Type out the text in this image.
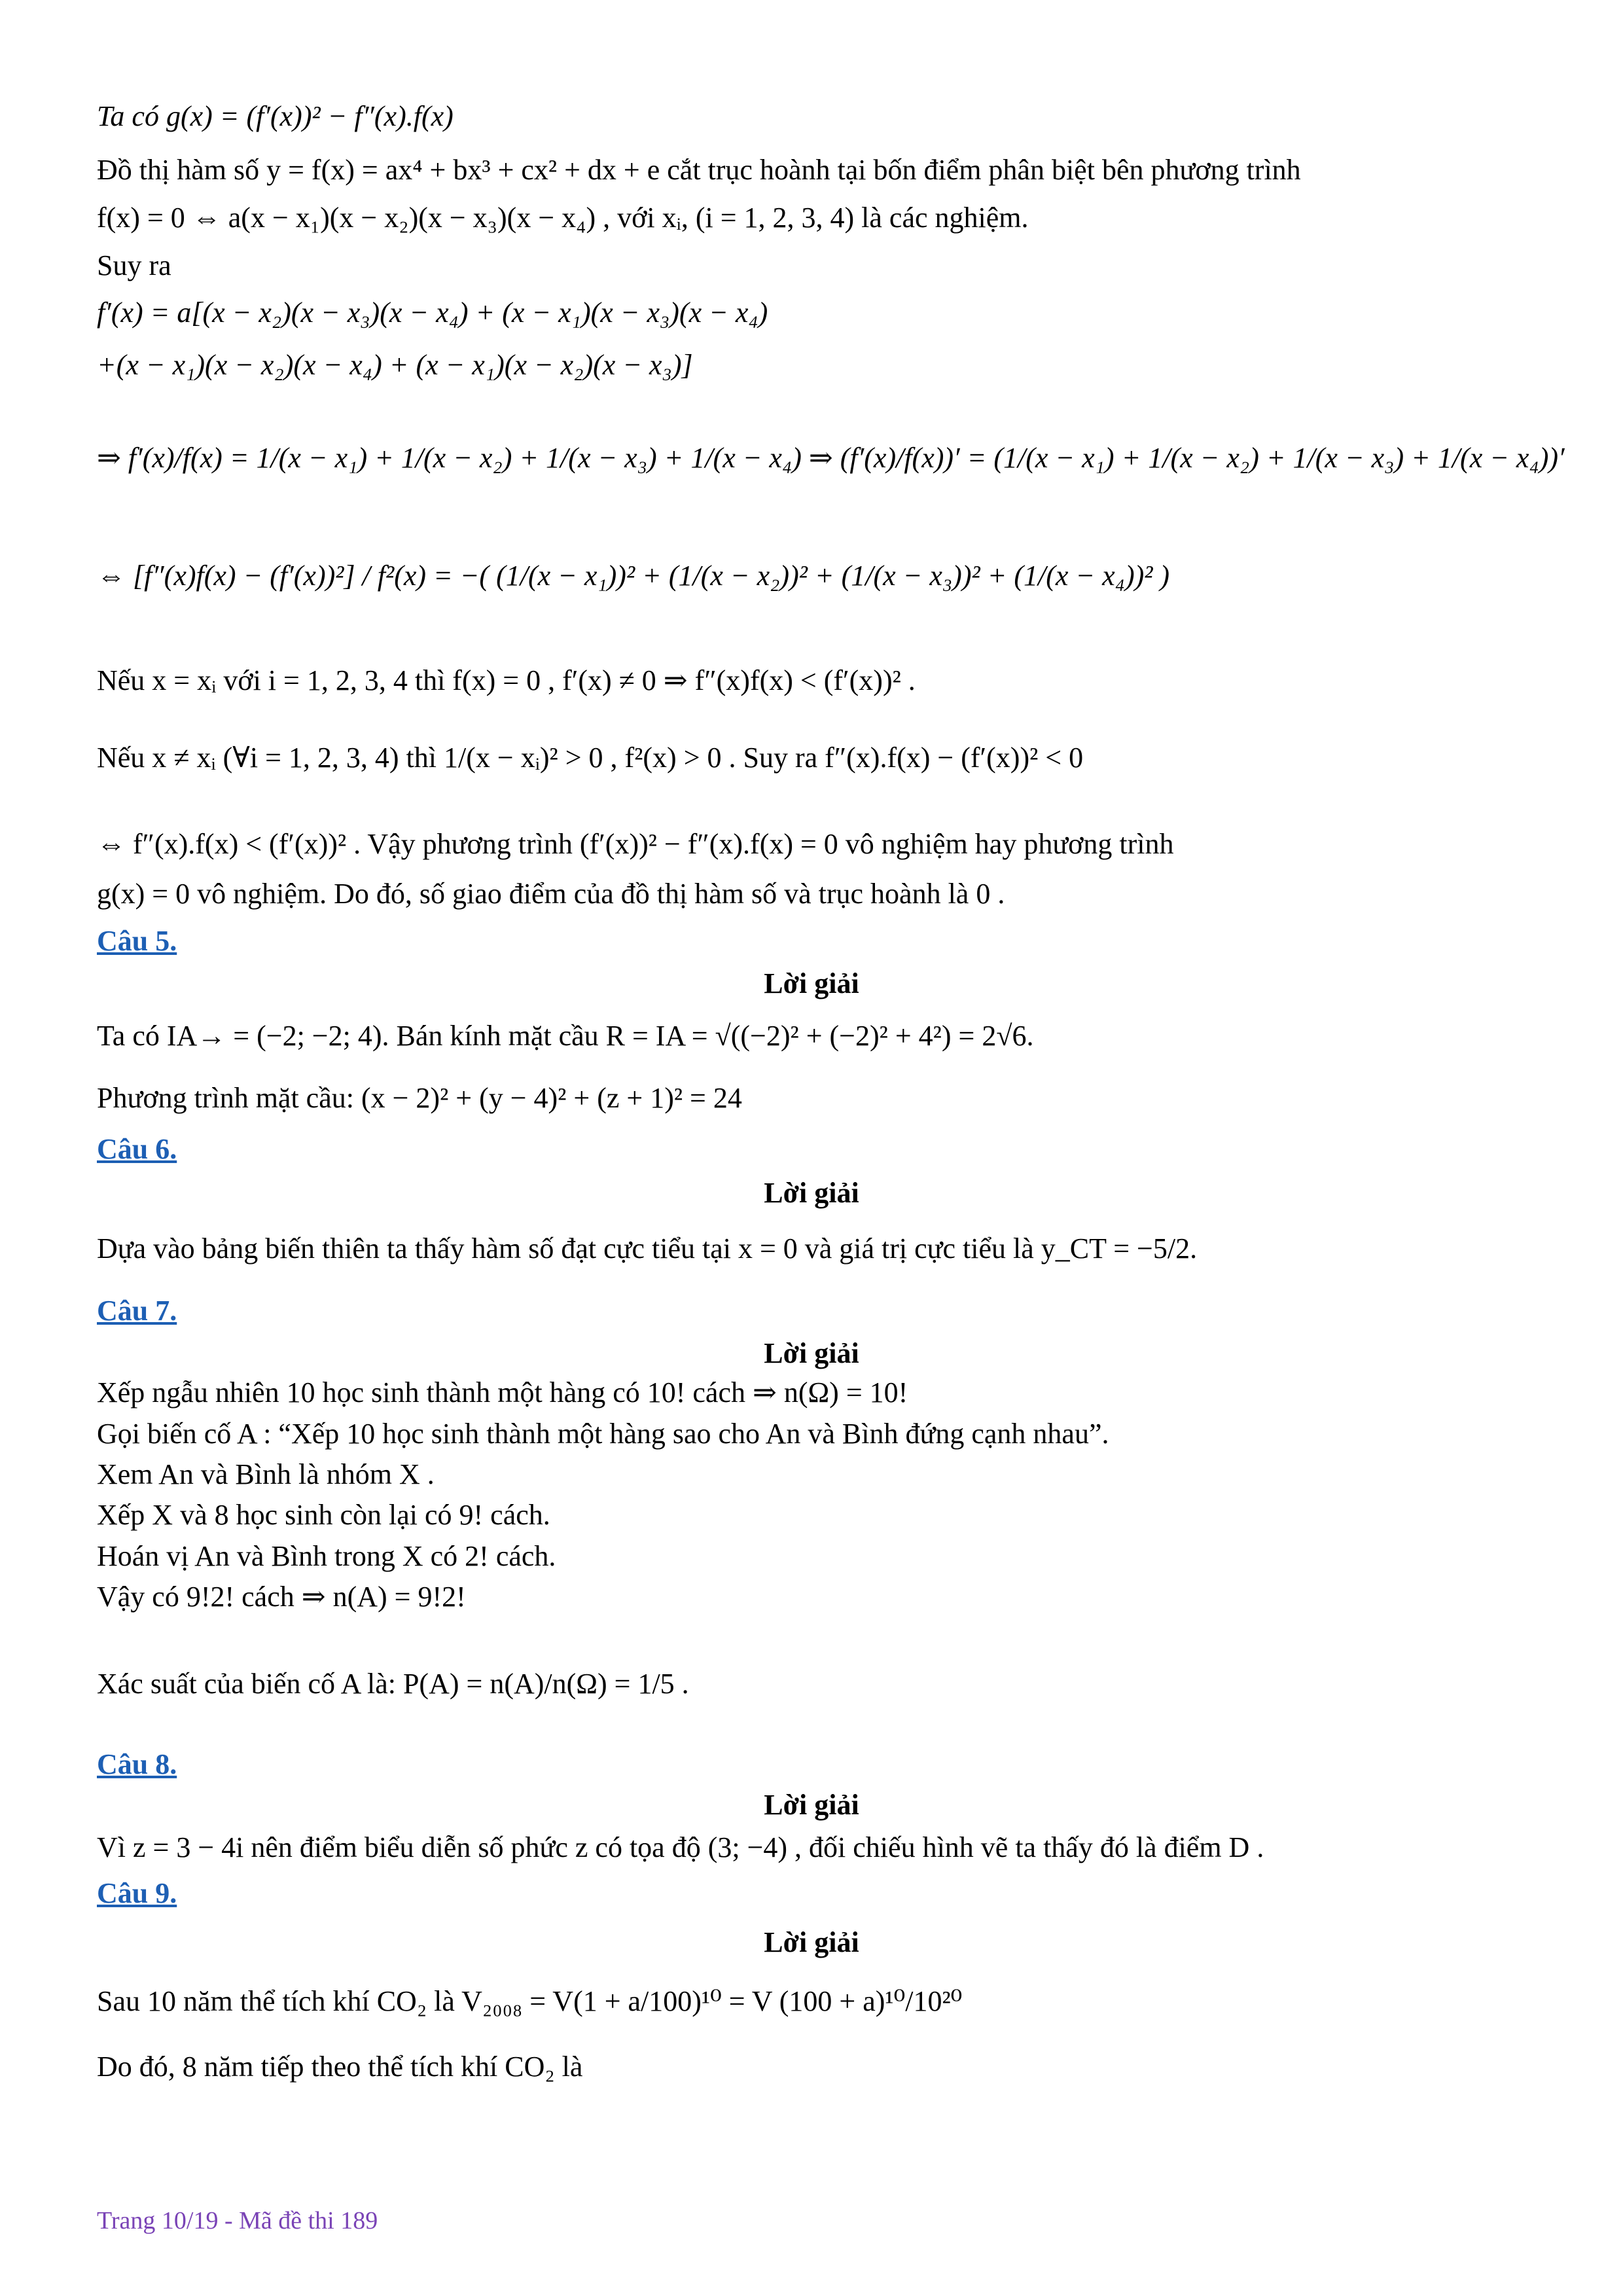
Ta có g(x) = (f′(x))² − f″(x).f(x)
Đồ thị hàm số y = f(x) = ax⁴ + bx³ + cx² + dx + e cắt trục hoành tại bốn điểm phân biệt bên phương trình
f(x) = 0 ⇔ a(x − x₁)(x − x₂)(x − x₃)(x − x₄) , với xᵢ, (i = 1, 2, 3, 4) là các nghiệm.
Suy ra
f′(x) = a[(x − x₂)(x − x₃)(x − x₄) + (x − x₁)(x − x₃)(x − x₄)
+(x − x₁)(x − x₂)(x − x₄) + (x − x₁)(x − x₂)(x − x₃)]
⇒ f′(x)/f(x) = 1/(x − x₁) + 1/(x − x₂) + 1/(x − x₃) + 1/(x − x₄) ⇒ (f′(x)/f(x))′ = (1/(x − x₁) + 1/(x − x₂) + 1/(x − x₃) + 1/(x − x₄))′
⇔ [f″(x)f(x) − (f′(x))²] / f²(x) = −( (1/(x − x₁))² + (1/(x − x₂))² + (1/(x − x₃))² + (1/(x − x₄))² )
Nếu x = xᵢ với i = 1, 2, 3, 4 thì f(x) = 0 , f′(x) ≠ 0 ⇒ f″(x)f(x) < (f′(x))² .
Nếu x ≠ xᵢ (∀i = 1, 2, 3, 4) thì 1/(x − xᵢ)² > 0 , f²(x) > 0 . Suy ra f″(x).f(x) − (f′(x))² < 0
⇔ f″(x).f(x) < (f′(x))² . Vậy phương trình (f′(x))² − f″(x).f(x) = 0 vô nghiệm hay phương trình
g(x) = 0 vô nghiệm. Do đó, số giao điểm của đồ thị hàm số và trục hoành là 0 .
Câu 5.
Lời giải
Ta có IA→ = (−2; −2; 4). Bán kính mặt cầu R = IA = √((−2)² + (−2)² + 4²) = 2√6.
Phương trình mặt cầu: (x − 2)² + (y − 4)² + (z + 1)² = 24
Câu 6.
Lời giải
Dựa vào bảng biến thiên ta thấy hàm số đạt cực tiểu tại x = 0 và giá trị cực tiểu là y_CT = −5/2.
Câu 7.
Lời giải
Xếp ngẫu nhiên 10 học sinh thành một hàng có 10! cách ⇒ n(Ω) = 10!
Gọi biến cố A : “Xếp 10 học sinh thành một hàng sao cho An và Bình đứng cạnh nhau”.
Xem An và Bình là nhóm X .
Xếp X và 8 học sinh còn lại có 9! cách.
Hoán vị An và Bình trong X có 2! cách.
Vậy có 9!2! cách ⇒ n(A) = 9!2!
Xác suất của biến cố A là: P(A) = n(A)/n(Ω) = 1/5 .
Câu 8.
Lời giải
Vì z = 3 − 4i nên điểm biểu diễn số phức z có tọa độ (3; −4) , đối chiếu hình vẽ ta thấy đó là điểm D .
Câu 9.
Lời giải
Sau 10 năm thể tích khí CO₂ là V₂₀₀₈ = V(1 + a/100)¹⁰ = V (100 + a)¹⁰/10²⁰
Do đó, 8 năm tiếp theo thể tích khí CO₂ là
Trang 10/19 - Mã đề thi 189
